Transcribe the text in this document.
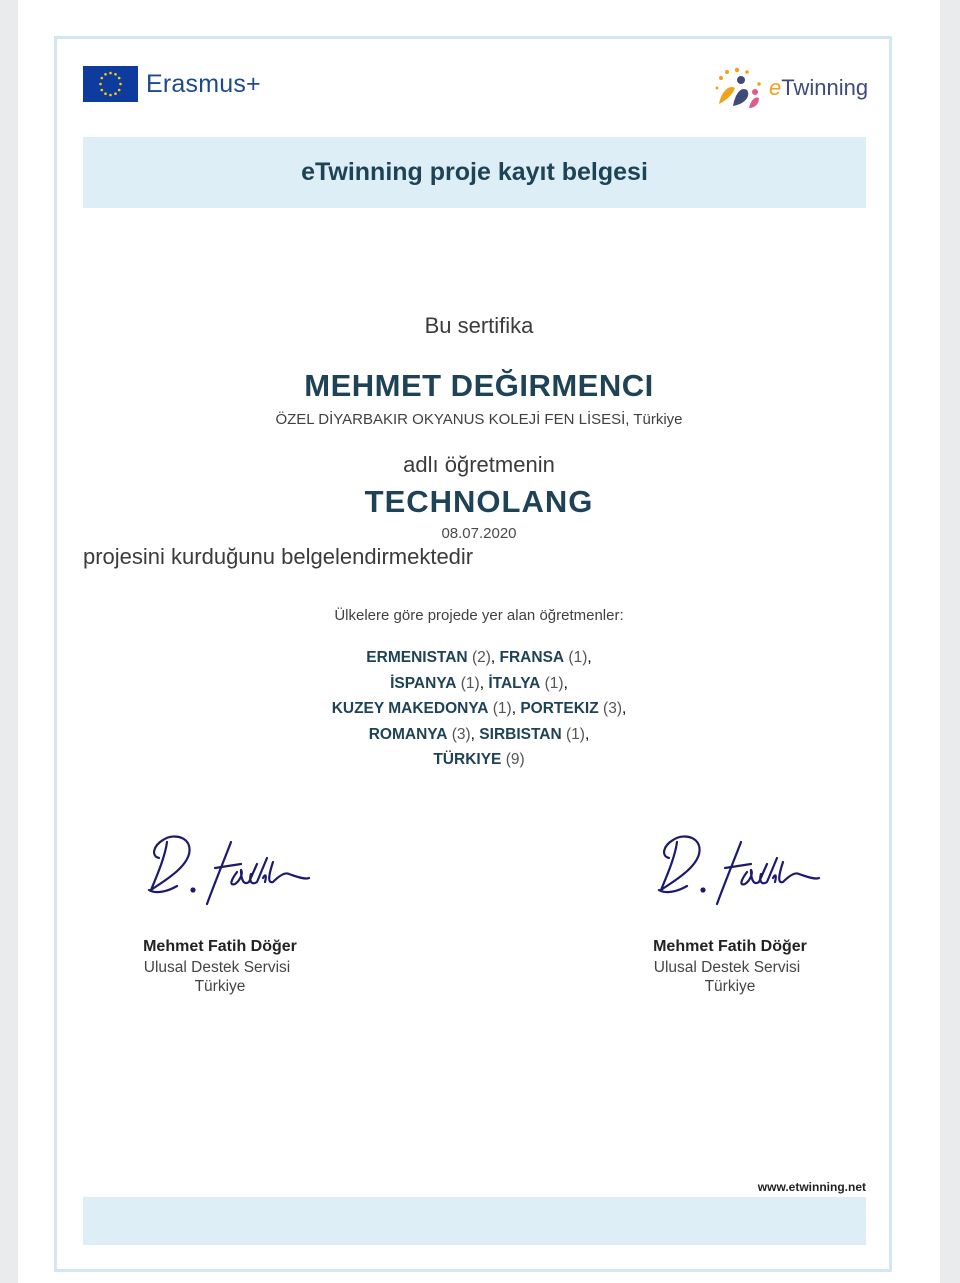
Erasmus+	eTwinning
eTwinning proje kayıt belgesi
Bu sertifika
MEHMET DEĞIRMENCI
ÖZEL DİYARBAKIR OKYANUS KOLEJİ FEN LİSESİ, Türkiye
adlı öğretmenin
TECHNOLANG
08.07.2020
projesini kurduğunu belgelendirmektedir
Ülkelere göre projede yer alan öğretmenler:
ERMENISTAN (2), FRANSA (1),
İSPANYA (1), İTALYA (1),
KUZEY MAKEDONYA (1), PORTEKIZ (3),
ROMANYA (3), SIRBISTAN (1),
TÜRKIYE (9)
Mehmet Fatih Döğer
Ulusal Destek Servisi
Türkiye
Mehmet Fatih Döğer
Ulusal Destek Servisi
Türkiye
www.etwinning.net
